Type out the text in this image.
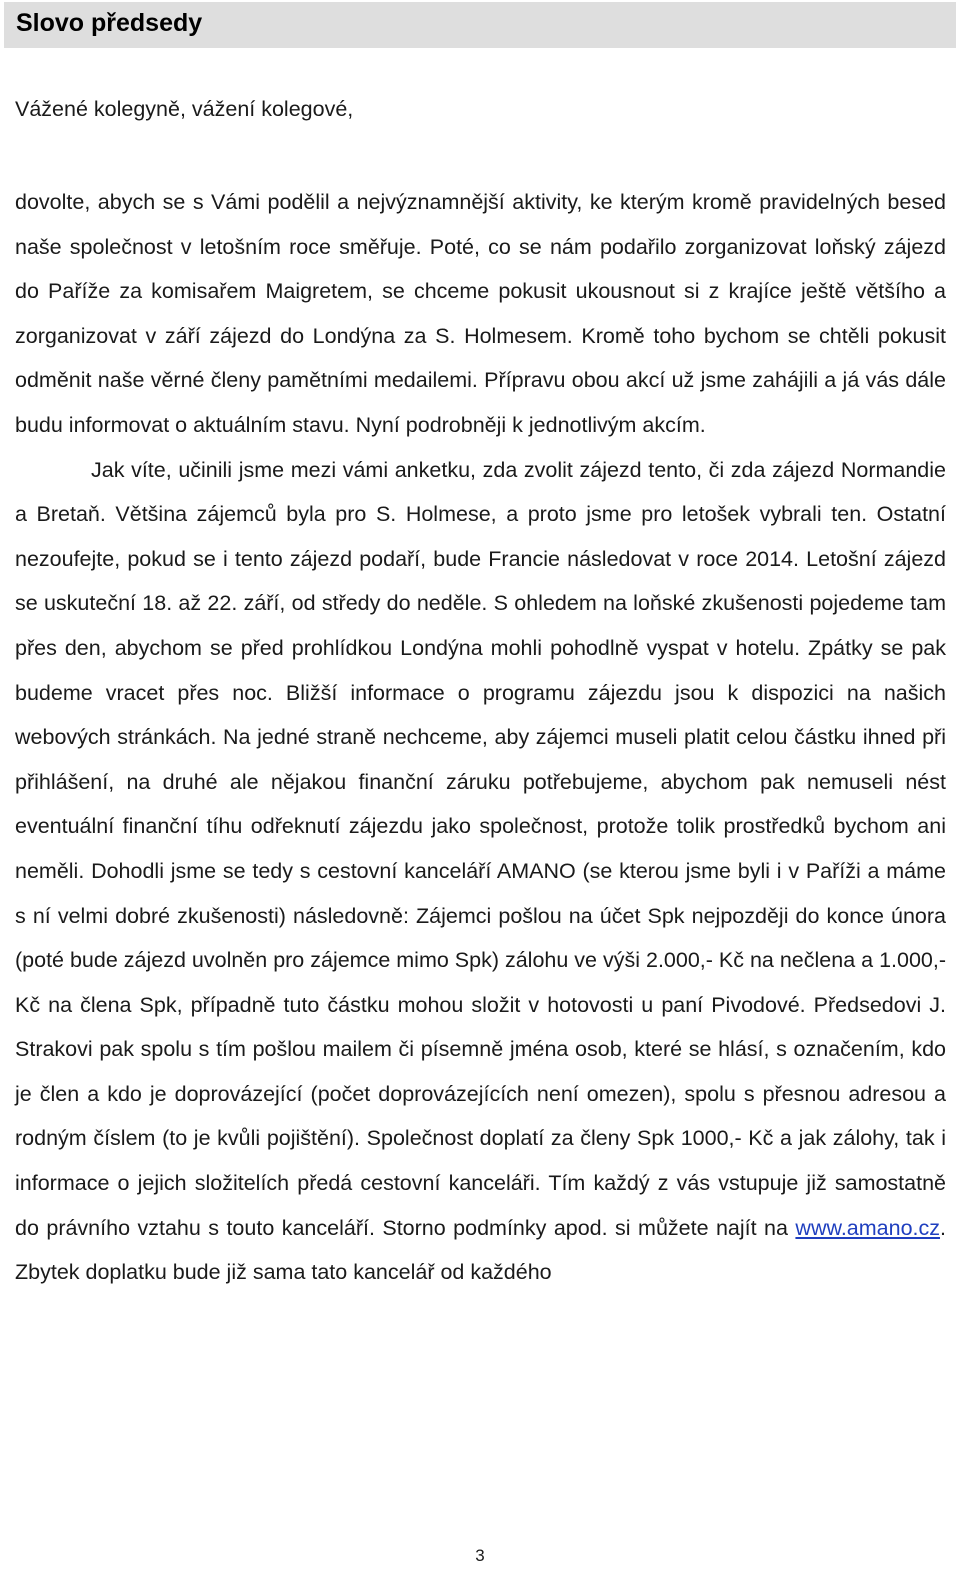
Slovo předsedy
Vážené kolegyně, vážení kolegové,

dovolte, abych se s Vámi podělil a nejvýznamnější aktivity, ke kterým kromě pravidelných besed naše společnost v letošním roce směřuje. Poté, co se nám podařilo zorganizovat loňský zájezd do Paříže za komisařem Maigretem, se chceme pokusit ukousnout si z krajíce ještě většího a zorganizovat v září zájezd do Londýna za S. Holmesem. Kromě toho bychom se chtěli pokusit odměnit naše věrné členy pamětními medailemi. Přípravu obou akcí už jsme zahájili a já vás dále budu informovat o aktuálním stavu. Nyní podrobněji k jednotlivým akcím.

Jak víte, učinili jsme mezi vámi anketku, zda zvolit zájezd tento, či zda zájezd Normandie a Bretaň. Většina zájemců byla pro S. Holmese, a proto jsme pro letošek vybrali ten. Ostatní nezoufejte, pokud se i tento zájezd podaří, bude Francie následovat v roce 2014. Letošní zájezd se uskuteční 18. až 22. září, od středy do neděle. S ohledem na loňské zkušenosti pojedeme tam přes den, abychom se před prohlídkou Londýna mohli pohodlně vyspat v hotelu. Zpátky se pak budeme vracet přes noc. Bližší informace o programu zájezdu jsou k dispozici na našich webových stránkách. Na jedné straně nechceme, aby zájemci museli platit celou částku ihned při přihlášení, na druhé ale nějakou finanční záruku potřebujeme, abychom pak nemuseli nést eventuální finanční tíhu odřeknutí zájezdu jako společnost, protože tolik prostředků bychom ani neměli. Dohodli jsme se tedy s cestovní kanceláří AMANO (se kterou jsme byli i v Paříži a máme s ní velmi dobré zkušenosti) následovně: Zájemci pošlou na účet Spk nejpozději do konce února (poté bude zájezd uvolněn pro zájemce mimo Spk) zálohu ve výši 2.000,- Kč na nečlena a 1.000,- Kč na člena Spk, případně tuto částku mohou složit v hotovosti u paní Pivodové. Předsedovi J. Strakovi pak spolu s tím pošlou mailem či písemně jména osob, které se hlásí, s označením, kdo je člen a kdo je doprovázející (počet doprovázejících není omezen), spolu s přesnou adresou a rodným číslem (to je kvůli pojištění). Společnost doplatí za členy Spk 1000,- Kč a jak zálohy, tak i informace o jejich složitelích předá cestovní kanceláři. Tím každý z vás vstupuje již samostatně do právního vztahu s touto kanceláří. Storno podmínky apod. si můžete najít na www.amano.cz. Zbytek doplatku bude již sama tato kancelář od každého

3
